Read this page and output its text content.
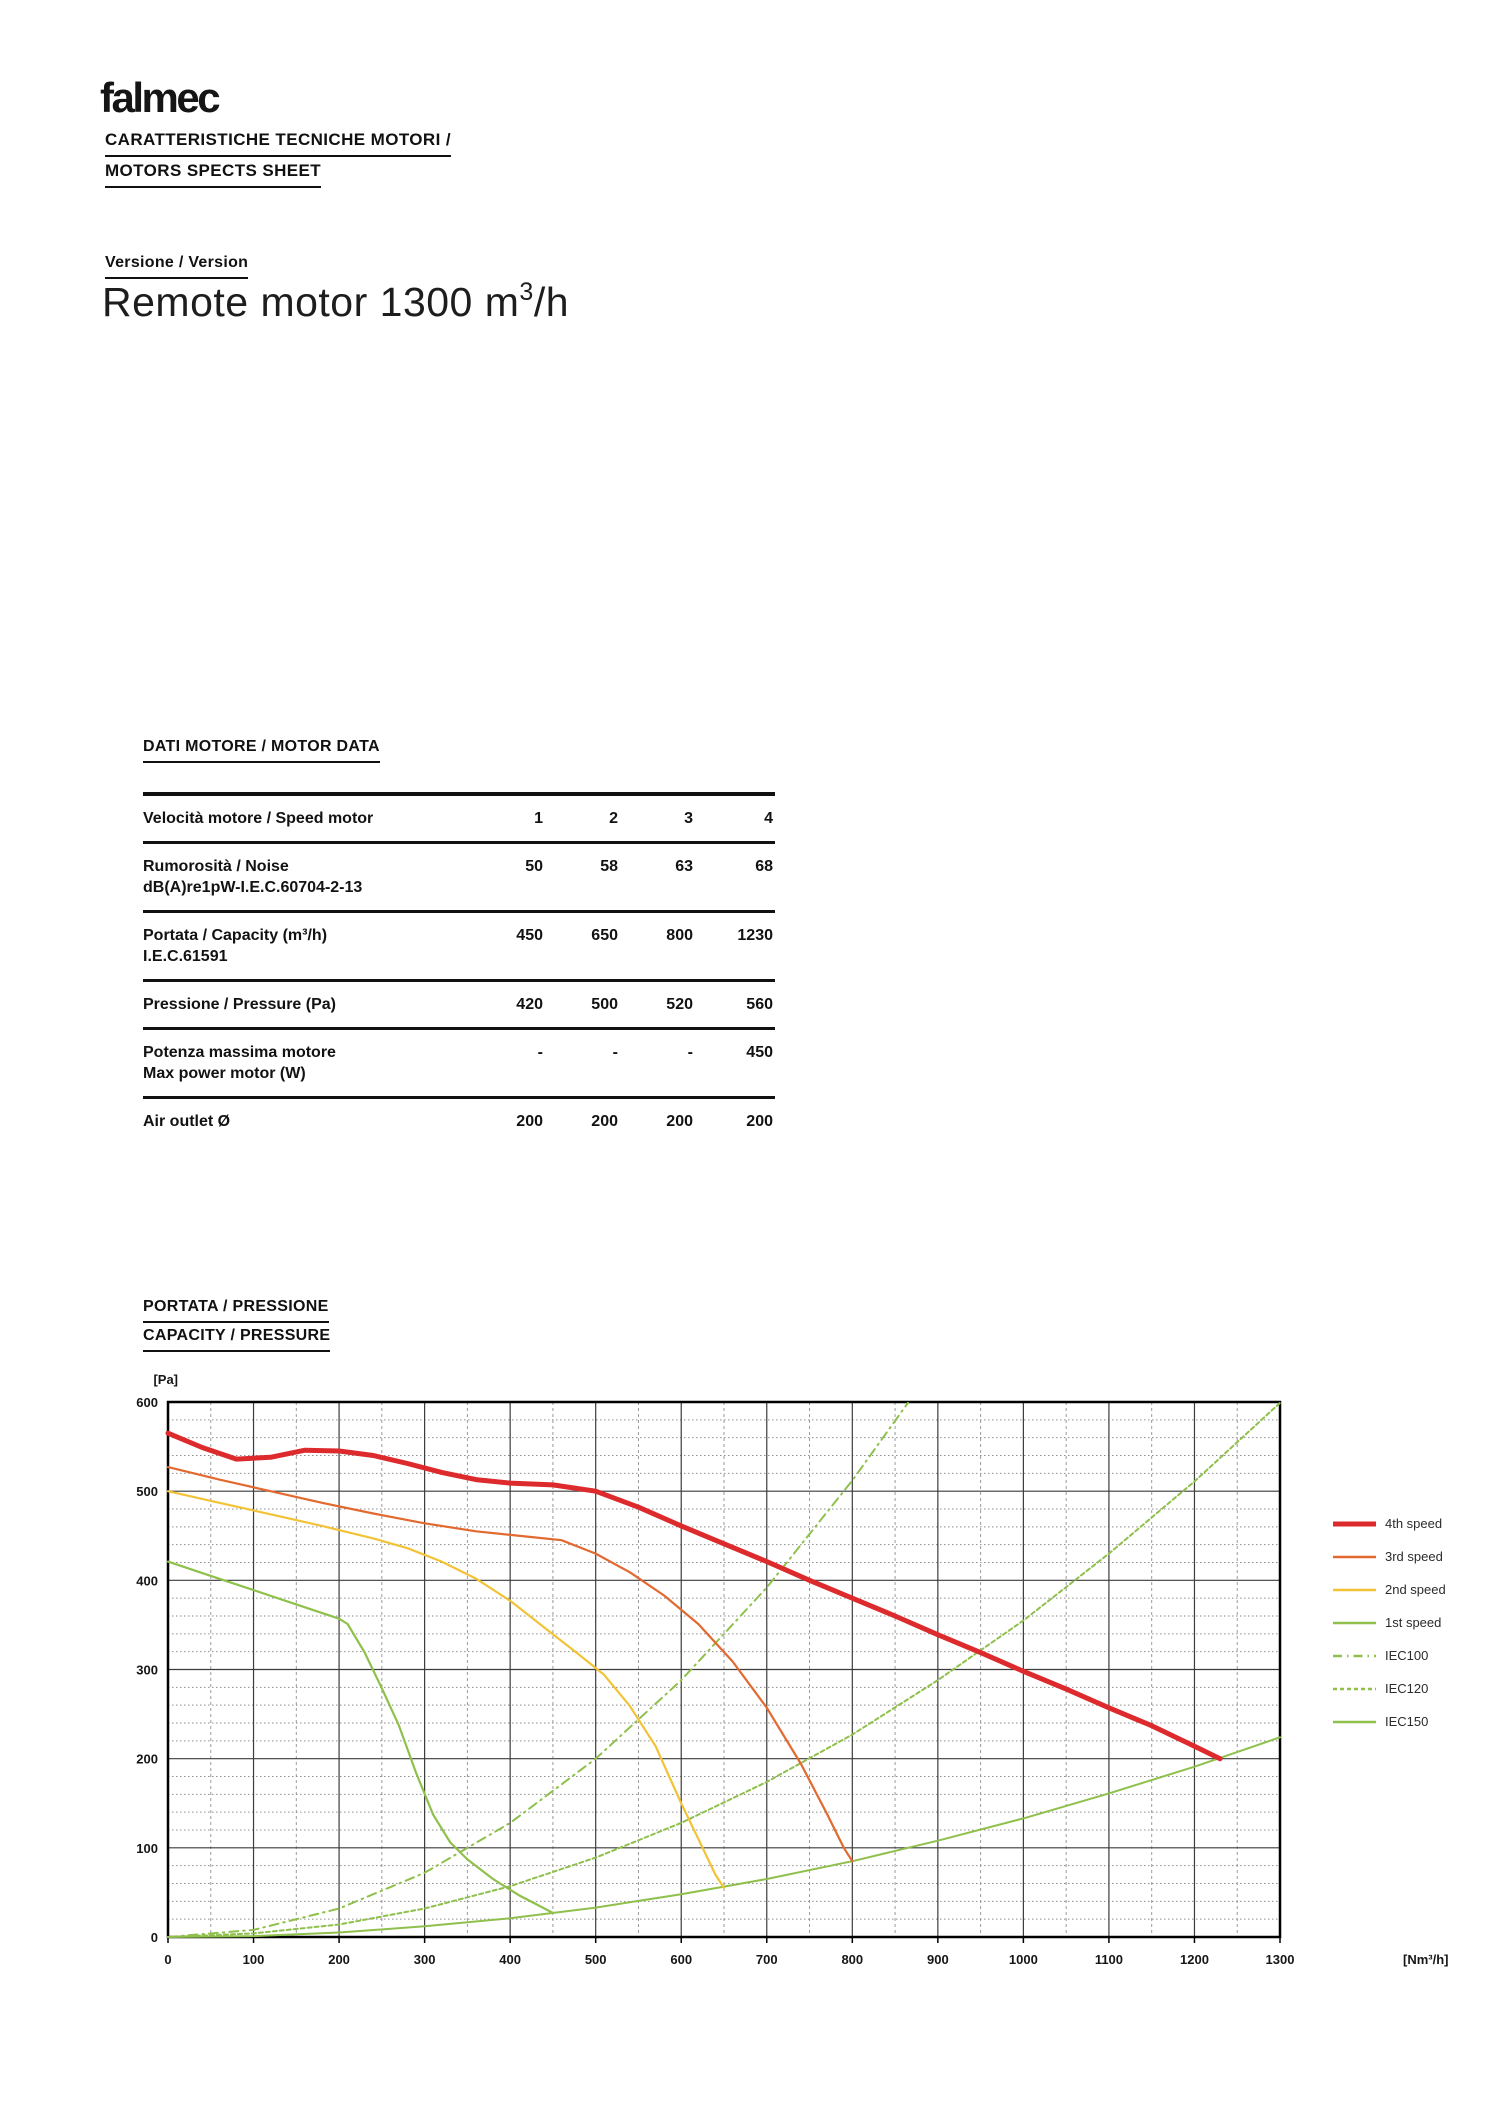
falmec
CARATTERISTICHE TECNICHE MOTORI /
MOTORS SPECTS SHEET
Versione / Version
Remote motor 1300 $m^3/h$
DATI MOTORE / MOTOR DATA
Velocità motore / Speed motor	1	2	3	4

Rumorosità / Noise
dB(A)re1pW-I.E.C.60704-2-13	50	58	63	68

Portata / Capacity (m³/h)
I.E.C.61591	450	650	800	1230

Pressione / Pressure (Pa)	420	500	520	560

Potenza massima motore
Max power motor (W)	-	-	-	450

Air outlet Ø	200	200	200	200
PORTATA / PRESSIONE
CAPACITY / PRESSURE
0
100
200
300
400
500
600
0	100	200	300	400	500	600	700	800	900	1000	1100	1200	1300
[Pa]
[Nm³/h]
4th speed
3rd speed
2nd speed
1st speed
IEC100
IEC120
IEC150
